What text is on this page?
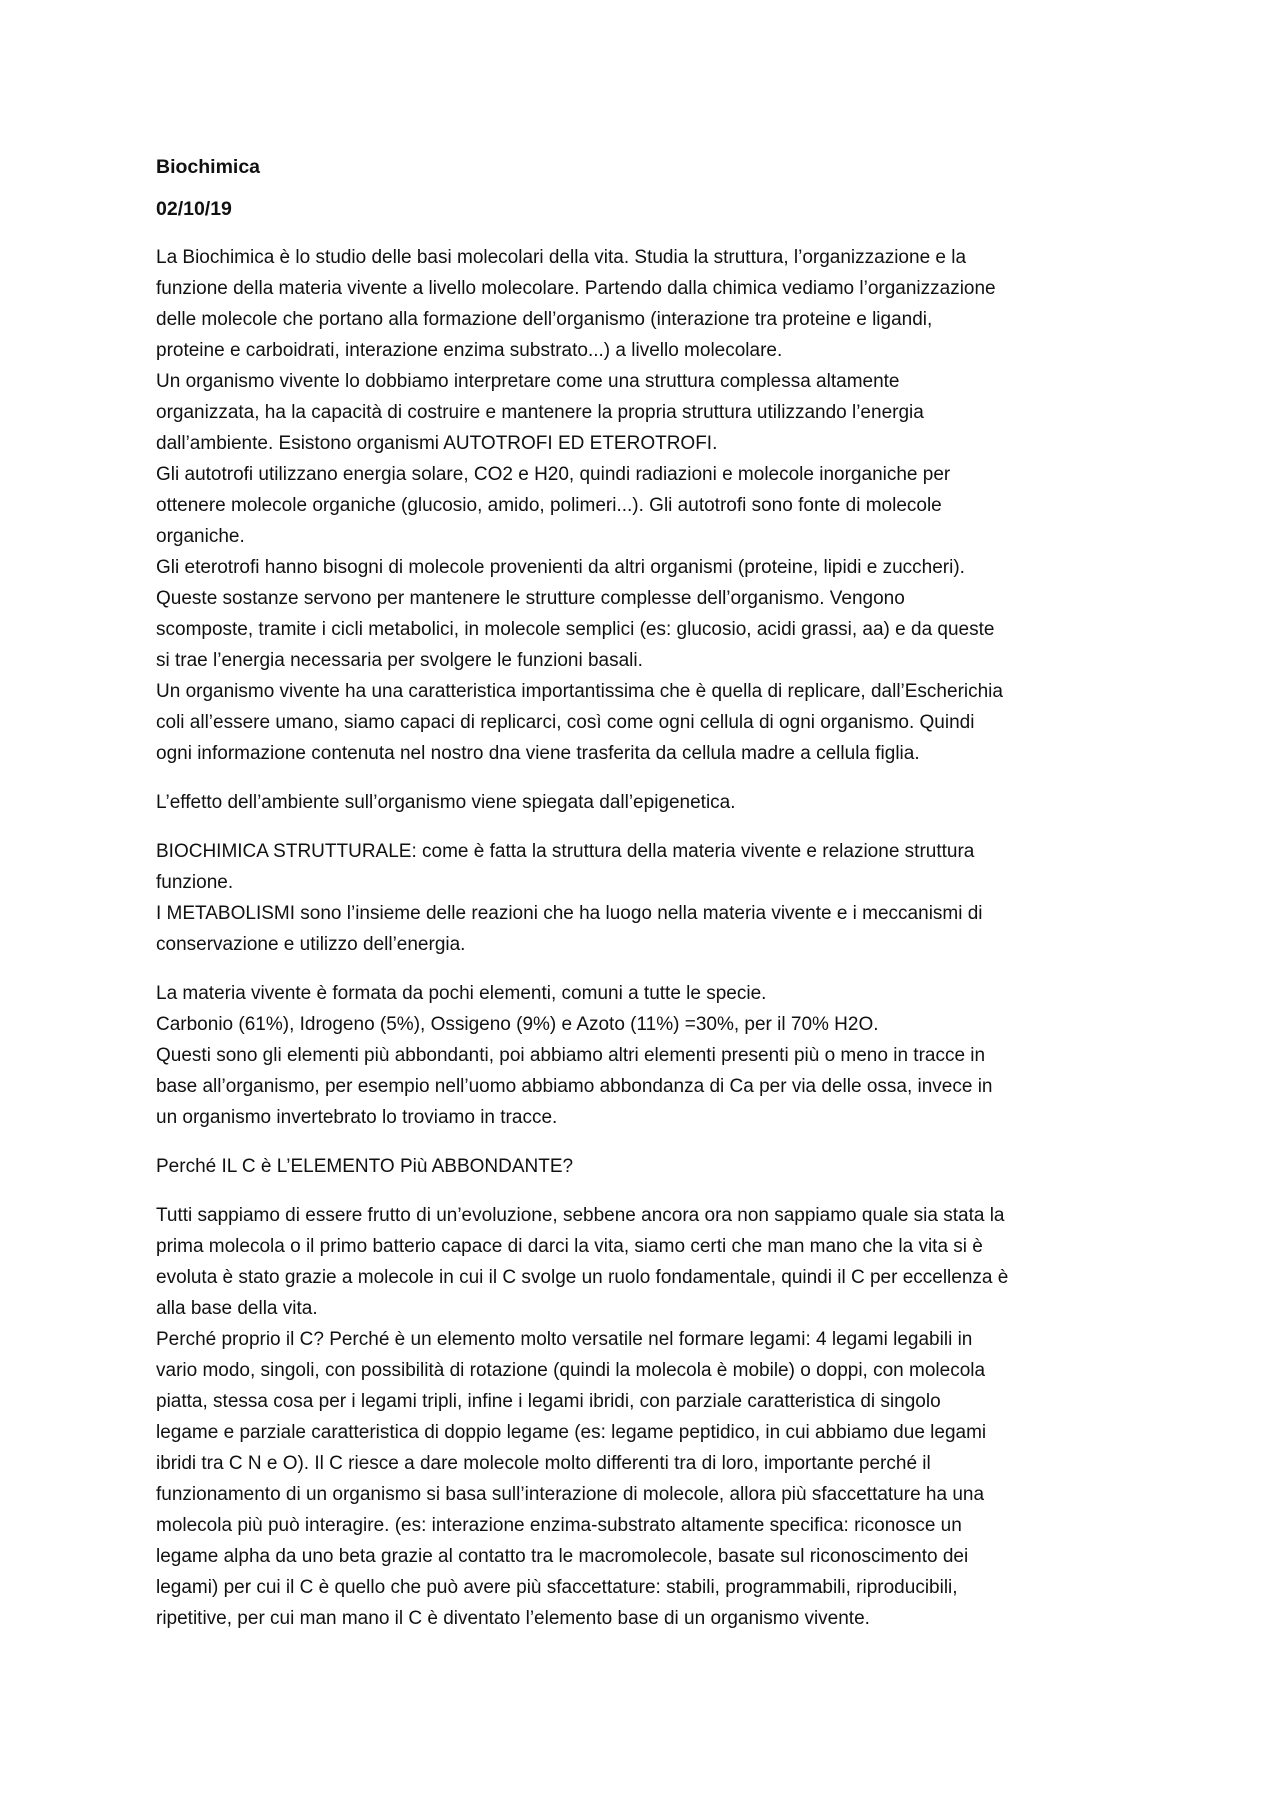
Biochimica
02/10/19
La Biochimica è lo studio delle basi molecolari della vita. Studia la struttura, l’organizzazione e la
funzione della materia vivente a livello molecolare. Partendo dalla chimica vediamo l’organizzazione
delle molecole che portano alla formazione dell’organismo (interazione tra proteine e ligandi,
proteine e carboidrati, interazione enzima substrato...) a livello molecolare.
Un organismo vivente lo dobbiamo interpretare come una struttura complessa altamente
organizzata, ha la capacità di costruire e mantenere la propria struttura utilizzando l’energia
dall’ambiente. Esistono organismi AUTOTROFI ED ETEROTROFI.
Gli autotrofi utilizzano energia solare, CO2 e H20, quindi radiazioni e molecole inorganiche per
ottenere molecole organiche (glucosio, amido, polimeri...). Gli autotrofi sono fonte di molecole
organiche.
Gli eterotrofi hanno bisogni di molecole provenienti da altri organismi (proteine, lipidi e zuccheri).
Queste sostanze servono per mantenere le strutture complesse dell’organismo. Vengono
scomposte, tramite i cicli metabolici, in molecole semplici (es: glucosio, acidi grassi, aa) e da queste
si trae l’energia necessaria per svolgere le funzioni basali.
Un organismo vivente ha una caratteristica importantissima che è quella di replicare, dall’Escherichia
coli all’essere umano, siamo capaci di replicarci, così come ogni cellula di ogni organismo. Quindi
ogni informazione contenuta nel nostro dna viene trasferita da cellula madre a cellula figlia.
L’effetto dell’ambiente sull’organismo viene spiegata dall’epigenetica.
BIOCHIMICA STRUTTURALE: come è fatta la struttura della materia vivente e relazione struttura
funzione.
I METABOLISMI sono l’insieme delle reazioni che ha luogo nella materia vivente e i meccanismi di
conservazione e utilizzo dell’energia.
La materia vivente è formata da pochi elementi, comuni a tutte le specie.
Carbonio (61%), Idrogeno (5%), Ossigeno (9%) e Azoto (11%) =30%, per il 70% H2O.
Questi sono gli elementi più abbondanti, poi abbiamo altri elementi presenti più o meno in tracce in
base all’organismo, per esempio nell’uomo abbiamo abbondanza di Ca per via delle ossa, invece in
un organismo invertebrato lo troviamo in tracce.
Perché IL C è L’ELEMENTO Più ABBONDANTE?
Tutti sappiamo di essere frutto di un’evoluzione, sebbene ancora ora non sappiamo quale sia stata la
prima molecola o il primo batterio capace di darci la vita, siamo certi che man mano che la vita si è
evoluta è stato grazie a molecole in cui il C svolge un ruolo fondamentale, quindi il C per eccellenza è
alla base della vita.
Perché proprio il C? Perché è un elemento molto versatile nel formare legami: 4 legami legabili in
vario modo, singoli, con possibilità di rotazione (quindi la molecola è mobile) o doppi, con molecola
piatta, stessa cosa per i legami tripli, infine i legami ibridi, con parziale caratteristica di singolo
legame e parziale caratteristica di doppio legame (es: legame peptidico, in cui abbiamo due legami
ibridi tra C N e O). Il C riesce a dare molecole molto differenti tra di loro, importante perché il
funzionamento di un organismo si basa sull’interazione di molecole, allora più sfaccettature ha una
molecola più può interagire. (es: interazione enzima-substrato altamente specifica: riconosce un
legame alpha da uno beta grazie al contatto tra le macromolecole, basate sul riconoscimento dei
legami) per cui il C è quello che può avere più sfaccettature: stabili, programmabili, riproducibili,
ripetitive, per cui man mano il C è diventato l’elemento base di un organismo vivente.
